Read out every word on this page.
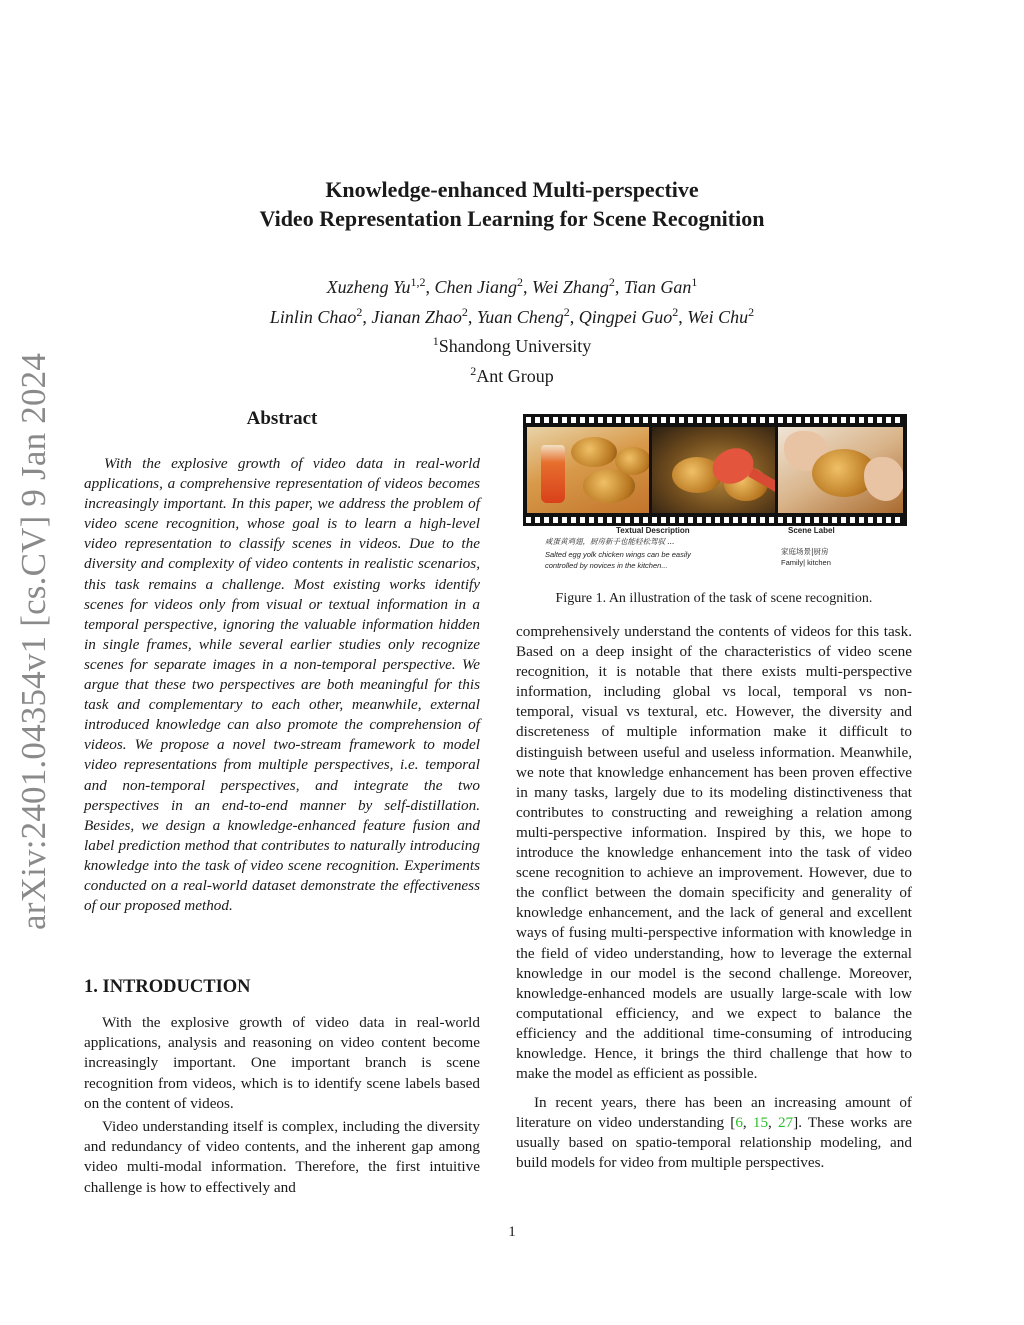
arXiv:2401.04354v1 [cs.CV] 9 Jan 2024
Knowledge-enhanced Multi-perspective
Video Representation Learning for Scene Recognition
Xuzheng Yu$^{1,2}$, Chen Jiang$^2$, Wei Zhang$^2$, Tian Gan$^1$
Linlin Chao$^2$, Jianan Zhao$^2$, Yuan Cheng$^2$, Qingpei Guo$^2$, Wei Chu$^2$
$^1$Shandong University
$^2$Ant Group
Abstract

With the explosive growth of video data in real-world applications, a comprehensive representation of videos becomes increasingly important. In this paper, we address the problem of video scene recognition, whose goal is to learn a high-level video representation to classify scenes in videos. Due to the diversity and complexity of video contents in realistic scenarios, this task remains a challenge. Most existing works identify scenes for videos only from visual or textual information in a temporal perspective, ignoring the valuable information hidden in single frames, while several earlier studies only recognize scenes for separate images in a non-temporal perspective. We argue that these two perspectives are both meaningful for this task and complementary to each other, meanwhile, external introduced knowledge can also promote the comprehension of videos. We propose a novel two-stream framework to model video representations from multiple perspectives, i.e. temporal and non-temporal perspectives, and integrate the two perspectives in an end-to-end manner by self-distillation. Besides, we design a knowledge-enhanced feature fusion and label prediction method that contributes to naturally introducing knowledge into the task of video scene recognition. Experiments conducted on a real-world dataset demonstrate the effectiveness of our proposed method.

1. INTRODUCTION

With the explosive growth of video data in real-world applications, analysis and reasoning on video content become increasingly important. One important branch is scene recognition from videos, which is to identify scene labels based on the content of videos.

Video understanding itself is complex, including the diversity and redundancy of video contents, and the inherent gap among video multi-modal information. Therefore, the first intuitive challenge is how to effectively and

Textual Description	Scene Label
咸蛋黄鸡翅，厨房新手也能轻松驾驭 ...
Salted egg yolk chicken wings can be easily controlled by novices in the kitchen...
家庭场景|厨房
Family| kitchen
Figure 1. An illustration of the task of scene recognition.

comprehensively understand the contents of videos for this task. Based on a deep insight of the characteristics of video scene recognition, it is notable that there exists multi-perspective information, including global vs local, temporal vs non-temporal, visual vs textural, etc. However, the diversity and discreteness of multiple information make it difficult to distinguish between useful and useless information. Meanwhile, we note that knowledge enhancement has been proven effective in many tasks, largely due to its modeling distinctiveness that contributes to constructing and reweighing a relation among multi-perspective information. Inspired by this, we hope to introduce the knowledge enhancement into the task of video scene recognition to achieve an improvement. However, due to the conflict between the domain specificity and generality of knowledge enhancement, and the lack of general and excellent ways of fusing multi-perspective information with knowledge in the field of video understanding, how to leverage the external knowledge in our model is the second challenge. Moreover, knowledge-enhanced models are usually large-scale with low computational efficiency, and we expect to balance the efficiency and the additional time-consuming of introducing knowledge. Hence, it brings the third challenge that how to make the model as efficient as possible.

In recent years, there has been an increasing amount of literature on video understanding [6, 15, 27]. These works are usually based on spatio-temporal relationship modeling, and build models for video from multiple perspectives.

1
